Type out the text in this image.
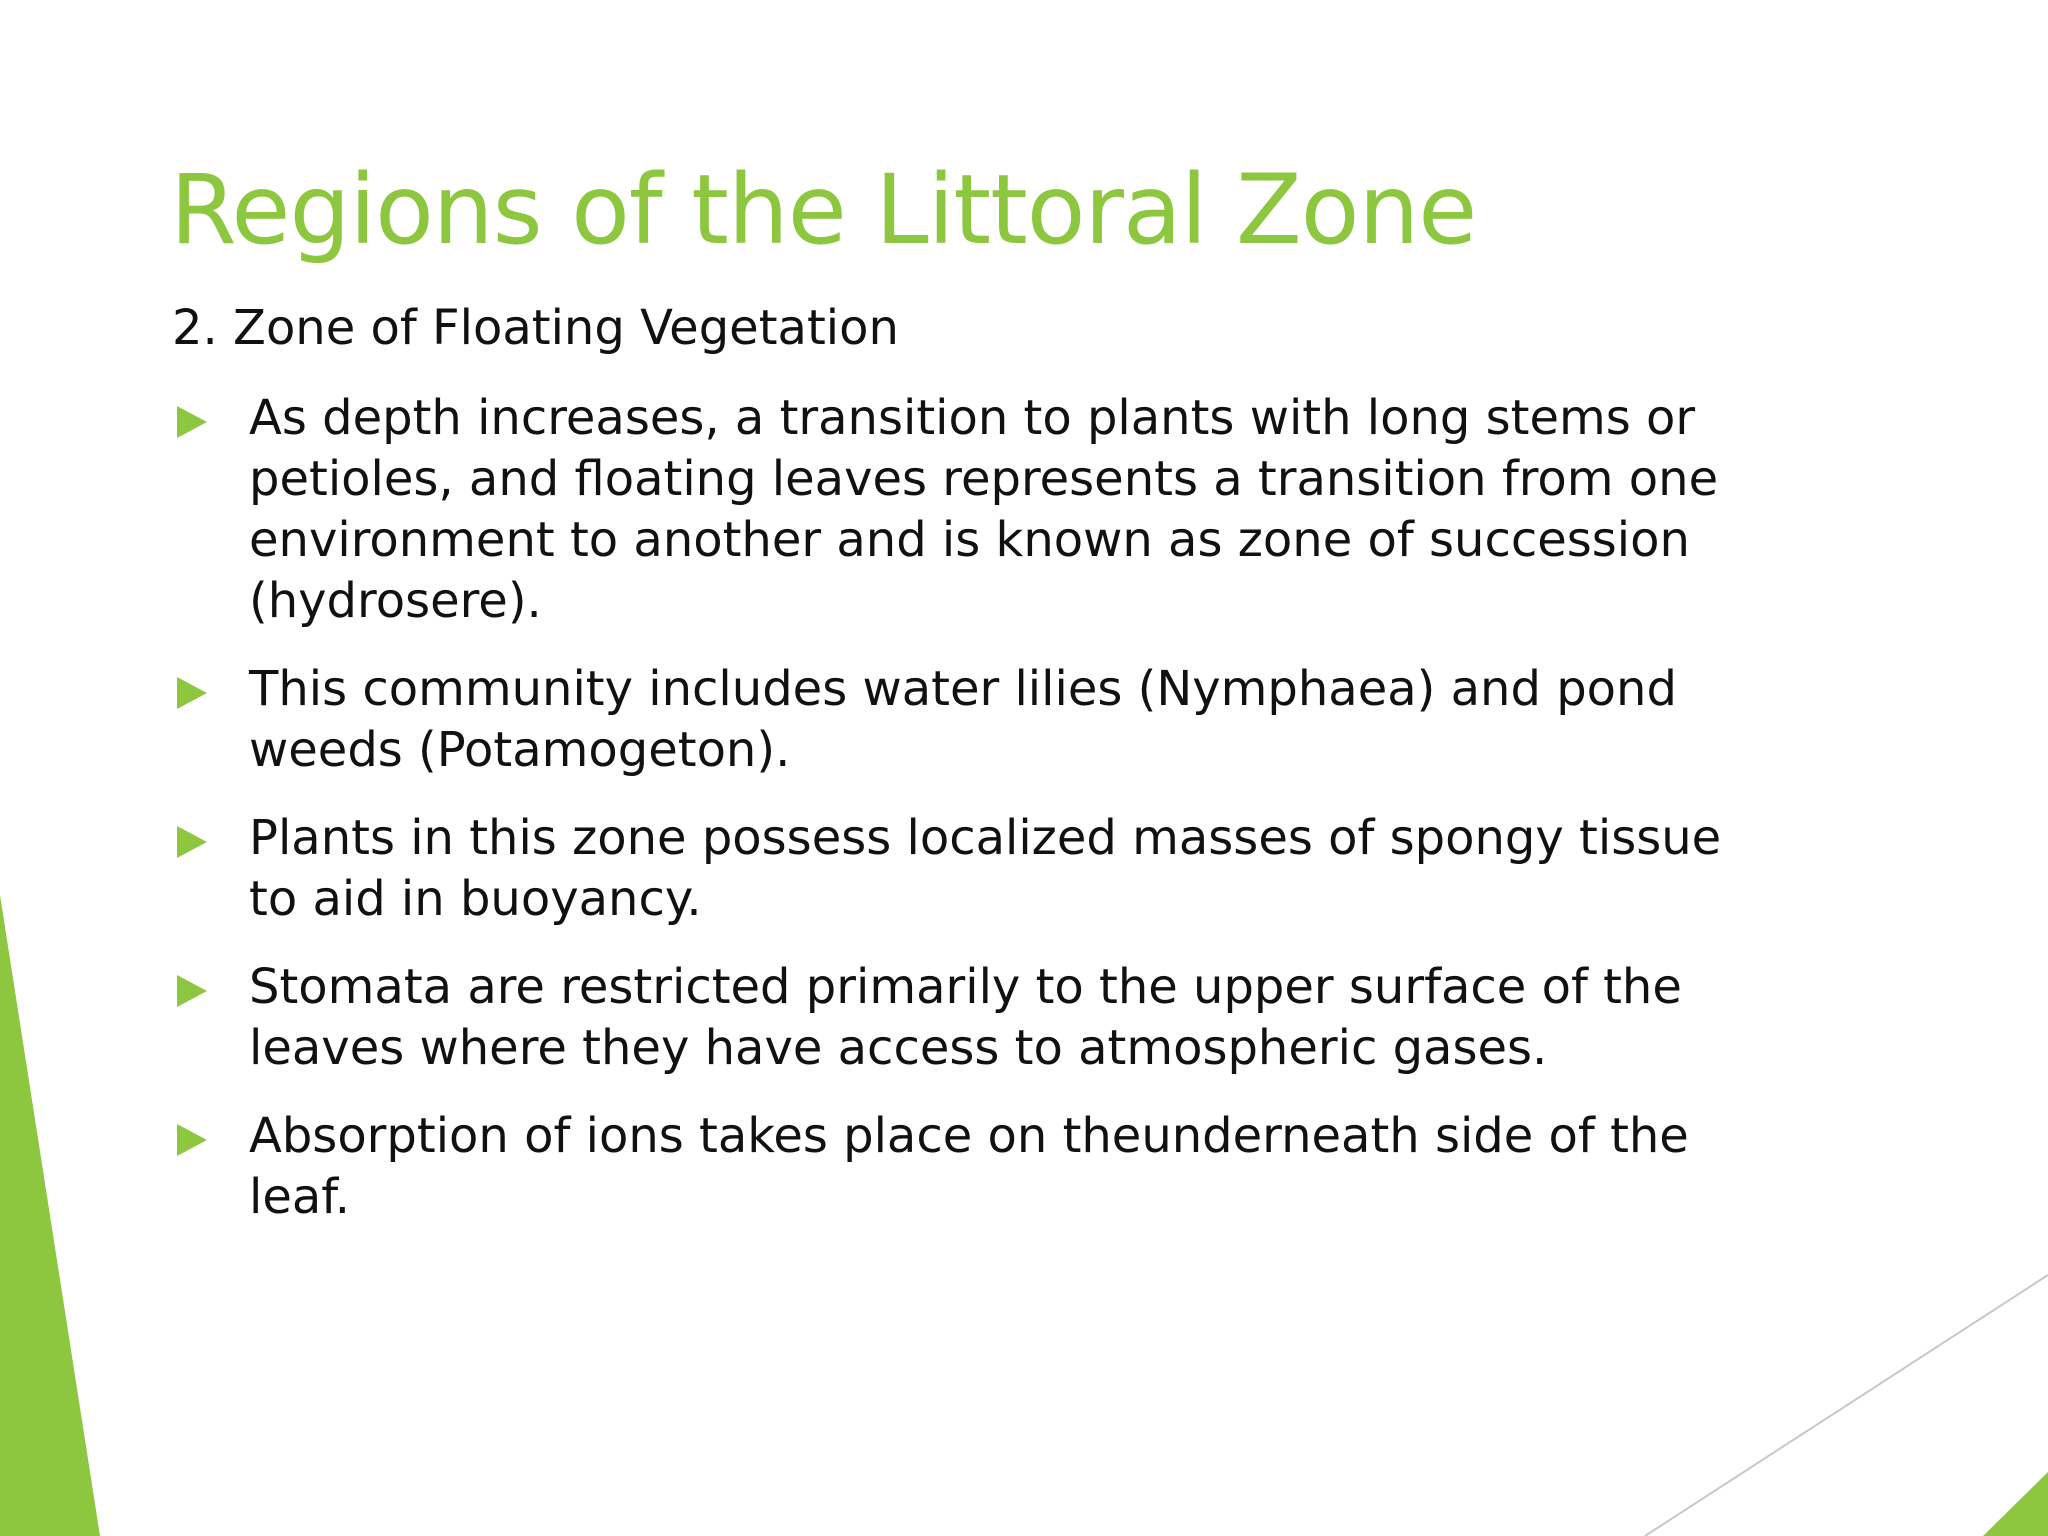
Regions of the Littoral Zone

2. Zone of Floating Vegetation

As depth increases, a transition to plants with long stems or petioles, and floating leaves represents a transition from one environment to another and is known as zone of succession (hydrosere).
This community includes water lilies (Nymphaea) and pond weeds (Potamogeton).
Plants in this zone possess localized masses of spongy tissue to aid in buoyancy.
Stomata are restricted primarily to the upper surface of the leaves where they have access to atmospheric gases.
Absorption of ions takes place on theunderneath side of the leaf.
